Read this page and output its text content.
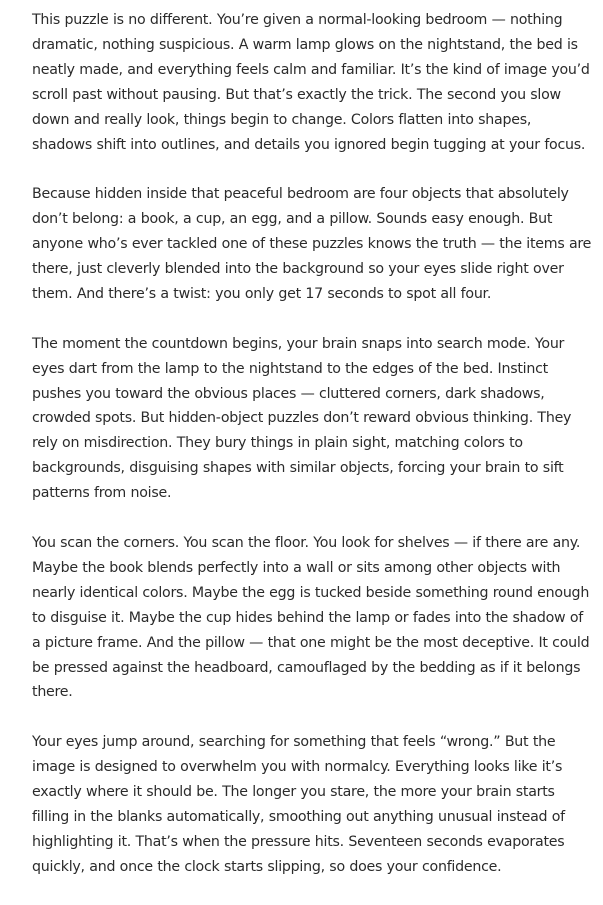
This puzzle is no different. You’re given a normal-looking bedroom — nothing
dramatic, nothing suspicious. A warm lamp glows on the nightstand, the bed is
neatly made, and everything feels calm and familiar. It’s the kind of image you’d
scroll past without pausing. But that’s exactly the trick. The second you slow
down and really look, things begin to change. Colors flatten into shapes,
shadows shift into outlines, and details you ignored begin tugging at your focus.

Because hidden inside that peaceful bedroom are four objects that absolutely
don’t belong: a book, a cup, an egg, and a pillow. Sounds easy enough. But
anyone who’s ever tackled one of these puzzles knows the truth — the items are
there, just cleverly blended into the background so your eyes slide right over
them. And there’s a twist: you only get 17 seconds to spot all four.

The moment the countdown begins, your brain snaps into search mode. Your
eyes dart from the lamp to the nightstand to the edges of the bed. Instinct
pushes you toward the obvious places — cluttered corners, dark shadows,
crowded spots. But hidden-object puzzles don’t reward obvious thinking. They
rely on misdirection. They bury things in plain sight, matching colors to
backgrounds, disguising shapes with similar objects, forcing your brain to sift
patterns from noise.

You scan the corners. You scan the floor. You look for shelves — if there are any.
Maybe the book blends perfectly into a wall or sits among other objects with
nearly identical colors. Maybe the egg is tucked beside something round enough
to disguise it. Maybe the cup hides behind the lamp or fades into the shadow of
a picture frame. And the pillow — that one might be the most deceptive. It could
be pressed against the headboard, camouflaged by the bedding as if it belongs
there.

Your eyes jump around, searching for something that feels “wrong.” But the
image is designed to overwhelm you with normalcy. Everything looks like it’s
exactly where it should be. The longer you stare, the more your brain starts
filling in the blanks automatically, smoothing out anything unusual instead of
highlighting it. That’s when the pressure hits. Seventeen seconds evaporates
quickly, and once the clock starts slipping, so does your confidence.
